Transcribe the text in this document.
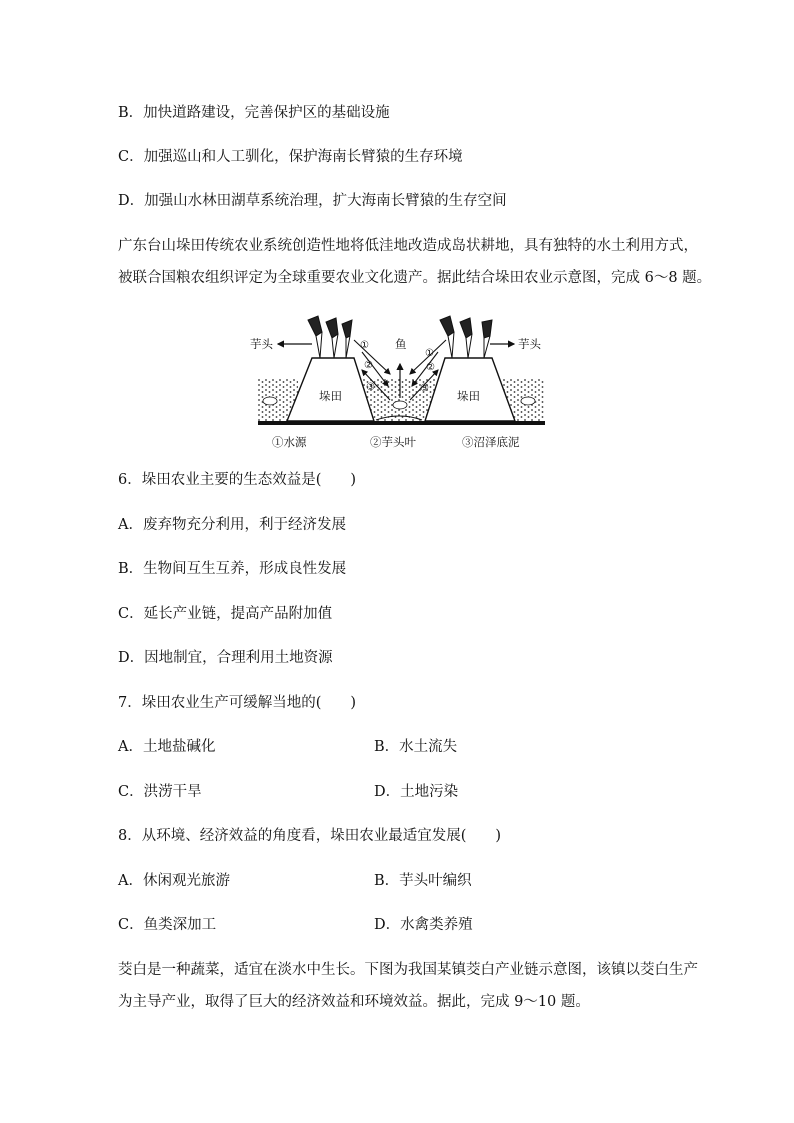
B．加快道路建设，完善保护区的基础设施

C．加强巡山和人工驯化，保护海南长臂猿的生存环境

D．加强山水林田湖草系统治理，扩大海南长臂猿的生存空间

广东台山垛田传统农业系统创造性地将低洼地改造成岛状耕地，具有独特的水土利用方式，

被联合国粮农组织评定为全球重要农业文化遗产。据此结合垛田农业示意图，完成 6～8 题。

芋头	芋头
鱼
垛田	垛田
①
②
③
①
②
③
①水源	②芋头叶	③沼泽底泥

6．垛田农业主要的生态效益是(　　)

A．废弃物充分利用，利于经济发展

B．生物间互生互养，形成良性发展

C．延长产业链，提高产品附加值

D．因地制宜，合理利用土地资源

7．垛田农业生产可缓解当地的(　　)

A．土地盐碱化	B．水土流失

C．洪涝干旱	D．土地污染

8．从环境、经济效益的角度看，垛田农业最适宜发展(　　)

A．休闲观光旅游	B．芋头叶编织

C．鱼类深加工	D．水禽类养殖

茭白是一种蔬菜，适宜在淡水中生长。下图为我国某镇茭白产业链示意图，该镇以茭白生产

为主导产业，取得了巨大的经济效益和环境效益。据此，完成 9～10 题。
